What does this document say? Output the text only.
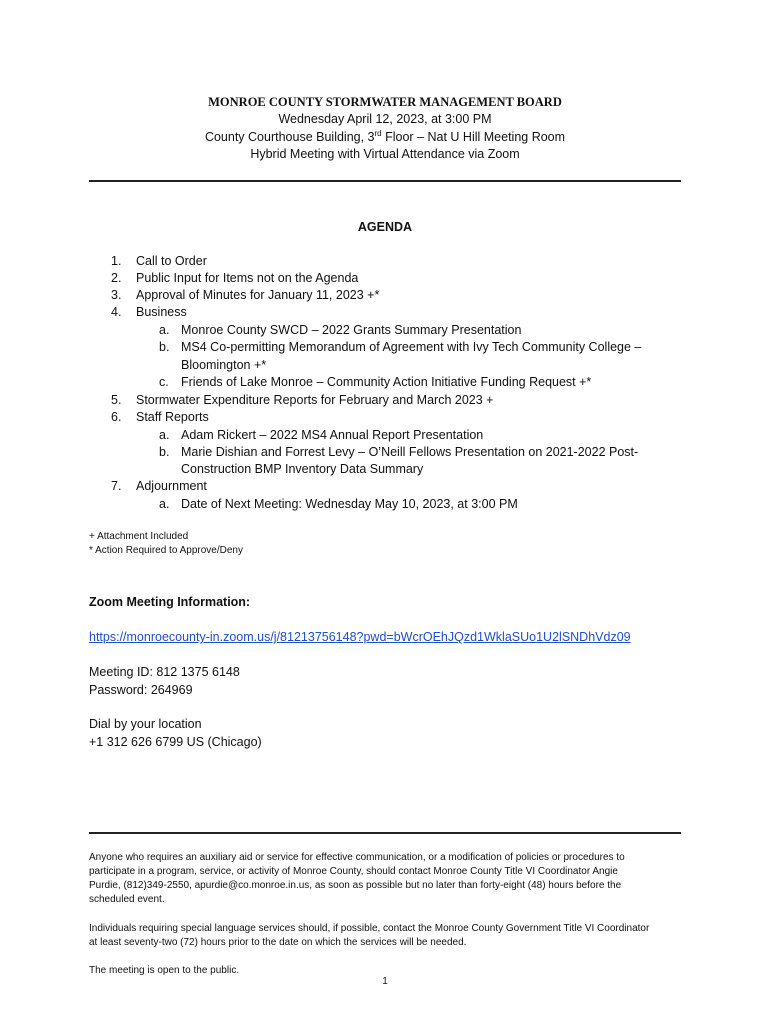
MONROE COUNTY STORMWATER MANAGEMENT BOARD
Wednesday April 12, 2023, at 3:00 PM
County Courthouse Building, 3rd Floor – Nat U Hill Meeting Room
Hybrid Meeting with Virtual Attendance via Zoom
AGENDA
1. Call to Order
2. Public Input for Items not on the Agenda
3. Approval of Minutes for January 11, 2023 +*
4. Business
a. Monroe County SWCD – 2022 Grants Summary Presentation
b. MS4 Co-permitting Memorandum of Agreement with Ivy Tech Community College –
Bloomington +*
c. Friends of Lake Monroe – Community Action Initiative Funding Request +*
5. Stormwater Expenditure Reports for February and March 2023 +
6. Staff Reports
a. Adam Rickert – 2022 MS4 Annual Report Presentation
b. Marie Dishian and Forrest Levy – O’Neill Fellows Presentation on 2021-2022 Post-
Construction BMP Inventory Data Summary
7. Adjournment
a. Date of Next Meeting: Wednesday May 10, 2023, at 3:00 PM
+ Attachment Included
* Action Required to Approve/Deny
Zoom Meeting Information:
https://monroecounty-in.zoom.us/j/81213756148?pwd=bWcrOEhJQzd1WklaSUo1U2lSNDhVdz09
Meeting ID: 812 1375 6148
Password: 264969
Dial by your location
+1 312 626 6799 US (Chicago)
Anyone who requires an auxiliary aid or service for effective communication, or a modification of policies or procedures to
participate in a program, service, or activity of Monroe County, should contact Monroe County Title VI Coordinator Angie
Purdie, (812)349-2550, apurdie@co.monroe.in.us, as soon as possible but no later than forty-eight (48) hours before the
scheduled event.
Individuals requiring special language services should, if possible, contact the Monroe County Government Title VI Coordinator
at least seventy-two (72) hours prior to the date on which the services will be needed.
The meeting is open to the public.
1
